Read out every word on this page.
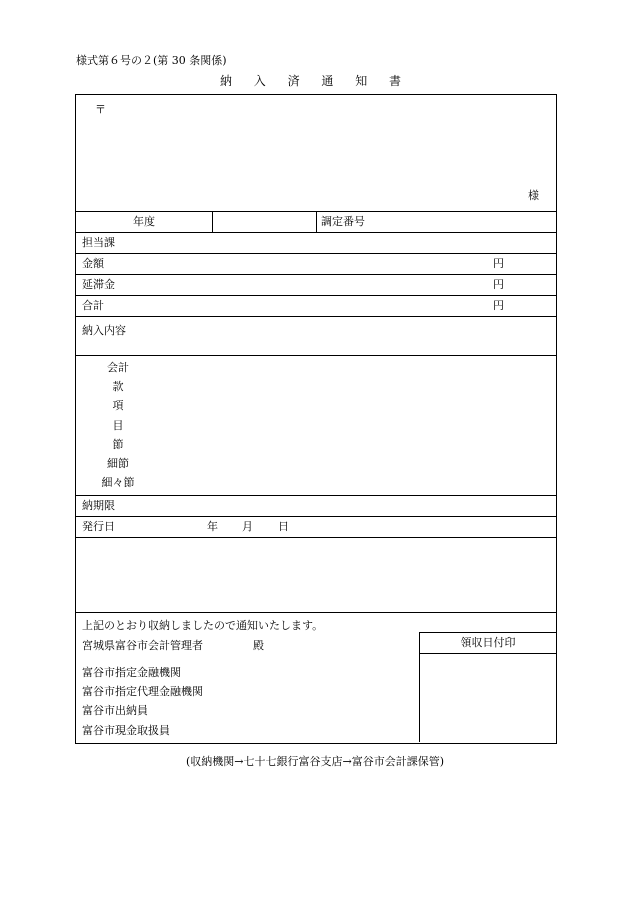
様式第６号の２(第 30 条関係)
納 入 済 通 知 書
〒
様
年度	調定番号
担当課
金額	円
延滞金	円
合計	円
納入内容
会計
款
項
目
節
細節
細々節
納期限
発行日	年 月 日
上記のとおり収納しましたので通知いたします。
宮城県富谷市会計管理者	殿
富谷市指定金融機関
富谷市指定代理金融機関
富谷市出納員
富谷市現金取扱員
領収日付印
(収納機関→七十七銀行富谷支店→富谷市会計課保管)
